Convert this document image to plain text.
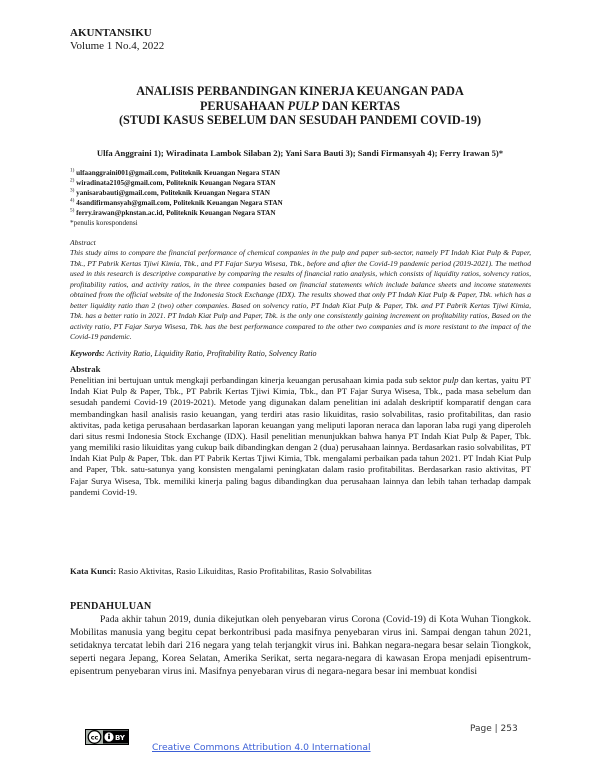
AKUNTANSIKU
Volume 1 No.4, 2022
ANALISIS PERBANDINGAN KINERJA KEUANGAN PADA
PERUSAHAAN PULP DAN KERTAS
(STUDI KASUS SEBELUM DAN SESUDAH PANDEMI COVID-19)
Ulfa Anggraini 1); Wiradinata Lambok Silaban 2); Yani Sara Bauti 3); Sandi Firmansyah 4); Ferry Irawan 5)*
$^{1)}$ ulfaanggraini001@gmail.com, Politeknik Keuangan Negara STAN
$^{2)}$ wiradinata2105@gmail.com, Politeknik Keuangan Negara STAN
$^{3)}$ yanisarabauti@gmail.com, Politeknik Keuangan Negara STAN
$^{4)}$ 4sandifirmansyah@gmail.com, Politeknik Keuangan Negara STAN
$^{5)}$ ferry.irawan@pknstan.ac.id, Politeknik Keuangan Negara STAN
*penulis korespondensi
Abstract
This study aims to compare the financial performance of chemical companies in the pulp and paper sub-sector, namely PT Indah Kiat Pulp & Paper, Tbk., PT Pabrik Kertas Tjiwi Kimia, Tbk., and PT Fajar Surya Wisesa, Tbk., before and after the Covid-19 pandemic period (2019-2021). The method used in this research is descriptive comparative by comparing the results of financial ratio analysis, which consists of liquidity ratios, solvency ratios, profitability ratios, and activity ratios, in the three companies based on financial statements which include balance sheets and income statements obtained from the official website of the Indonesia Stock Exchange (IDX). The results showed that only PT Indah Kiat Pulp & Paper, Tbk. which has a better liquidity ratio than 2 (two) other companies. Based on solvency ratio, PT Indah Kiat Pulp & Paper, Tbk. and PT Pabrik Kertas Tjiwi Kimia, Tbk. has a better ratio in 2021. PT Indah Kiat Pulp and Paper, Tbk. is the only one consistently gaining increment on profitability ratios, Based on the activity ratio, PT Fajar Surya Wisesa, Tbk. has the best performance compared to the other two companies and is more resistant to the impact of the Covid-19 pandemic.
Keywords: Activity Ratio, Liquidity Ratio, Profitability Ratio, Solvency Ratio
Abstrak
Penelitian ini bertujuan untuk mengkaji perbandingan kinerja keuangan perusahaan kimia pada sub sektor pulp dan kertas, yaitu PT Indah Kiat Pulp & Paper, Tbk., PT Pabrik Kertas Tjiwi Kimia, Tbk., dan PT Fajar Surya Wisesa, Tbk., pada masa sebelum dan sesudah pandemi Covid-19 (2019-2021). Metode yang digunakan dalam penelitian ini adalah deskriptif komparatif dengan cara membandingkan hasil analisis rasio keuangan, yang terdiri atas rasio likuiditas, rasio solvabilitas, rasio profitabilitas, dan rasio aktivitas, pada ketiga perusahaan berdasarkan laporan keuangan yang meliputi laporan neraca dan laporan laba rugi yang diperoleh dari situs resmi Indonesia Stock Exchange (IDX). Hasil penelitian menunjukkan bahwa hanya PT Indah Kiat Pulp & Paper, Tbk. yang memiliki rasio likuiditas yang cukup baik dibandingkan dengan 2 (dua) perusahaan lainnya. Berdasarkan rasio solvabilitas, PT Indah Kiat Pulp & Paper, Tbk. dan PT Pabrik Kertas Tjiwi Kimia, Tbk. mengalami perbaikan pada tahun 2021. PT Indah Kiat Pulp and Paper, Tbk. satu-satunya yang konsisten mengalami peningkatan dalam rasio profitabilitas. Berdasarkan rasio aktivitas, PT Fajar Surya Wisesa, Tbk. memiliki kinerja paling bagus dibandingkan dua perusahaan lainnya dan lebih tahan terhadap dampak pandemi Covid-19.
Kata Kunci: Rasio Aktivitas, Rasio Likuiditas, Rasio Profitabilitas, Rasio Solvabilitas
PENDAHULUAN
Pada akhir tahun 2019, dunia dikejutkan oleh penyebaran virus Corona (Covid-19) di Kota Wuhan Tiongkok. Mobilitas manusia yang begitu cepat berkontribusi pada masifnya penyebaran virus ini. Sampai dengan tahun 2021, setidaknya tercatat lebih dari 216 negara yang telah terjangkit virus ini. Bahkan negara-negara besar selain Tiongkok, seperti negara Jepang, Korea Selatan, Amerika Serikat, serta negara-negara di kawasan Eropa menjadi episentrum-episentrum penyebaran virus ini. Masifnya penyebaran virus di negara-negara besar ini membuat kondisi
Page | 253
cc BY
Creative Commons Attribution 4.0 International
